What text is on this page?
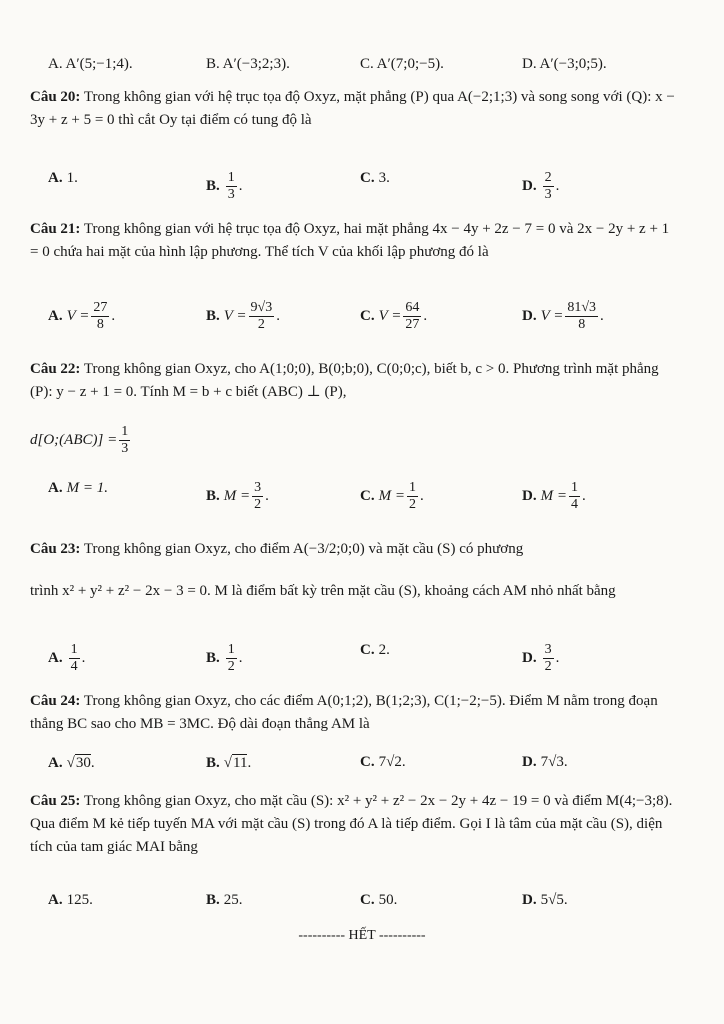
A. A′(5;−1;4).	B. A′(−3;2;3).	C. A′(7;0;−5).	D. A′(−3;0;5).
Câu 20: Trong không gian với hệ trục tọa độ Oxyz, mặt phẳng (P) qua A(−2;1;3) và song song với (Q): x − 3y + z + 5 = 0 thì cắt Oy tại điểm có tung độ là
A. 1.	B. $\frac{1}{3}$ .	C. 3.	D. $\frac{2}{3}$ .
Câu 21: Trong không gian với hệ trục tọa độ Oxyz, hai mặt phẳng 4x − 4y + 2z − 7 = 0 và 2x − 2y + z + 1 = 0 chứa hai mặt của hình lập phương. Thể tích V của khối lập phương đó là
A. $V = \frac{27}{8}$ .	B. $V = \frac{9√3}{2}$ .	C. $V = \frac{64}{27}$ .	D. $V = \frac{81√3}{8}$ .
Câu 22: Trong không gian Oxyz, cho A(1;0;0), B(0;b;0), C(0;0;c), biết b, c > 0. Phương trình mặt phẳng (P): y − z + 1 = 0. Tính M = b + c biết (ABC) ⊥ (P),
d[O;(ABC)] = $\frac{1}{3}$
A. M = 1.	B. $M = \frac{3}{2}$ .	C. $M = \frac{1}{2}$ .	D. $M = \frac{1}{4}$ .
Câu 23: Trong không gian Oxyz, cho điểm A(−3/2;0;0) và mặt cầu (S) có phương
trình x² + y² + z² − 2x − 3 = 0. M là điểm bất kỳ trên mặt cầu (S), khoảng cách AM nhỏ nhất bằng
A. $\frac{1}{4}$ .	B. $\frac{1}{2}$ .	C. 2.	D. $\frac{3}{2}$ .
Câu 24: Trong không gian Oxyz, cho các điểm A(0;1;2), B(1;2;3), C(1;−2;−5). Điểm M nằm trong đoạn thẳng BC sao cho MB = 3MC. Độ dài đoạn thẳng AM là
A. √ 30 .	B. √ 11 .	C. 7√2.	D. 7√3.
Câu 25: Trong không gian Oxyz, cho mặt cầu (S): x² + y² + z² − 2x − 2y + 4z − 19 = 0 và điểm M(4;−3;8). Qua điểm M kẻ tiếp tuyến MA với mặt cầu (S) trong đó A là tiếp điểm. Gọi I là tâm của mặt cầu (S), diện tích của tam giác MAI bằng
A. 125.	B. 25.	C. 50.	D. 5√5.
---------- HẾT ----------
